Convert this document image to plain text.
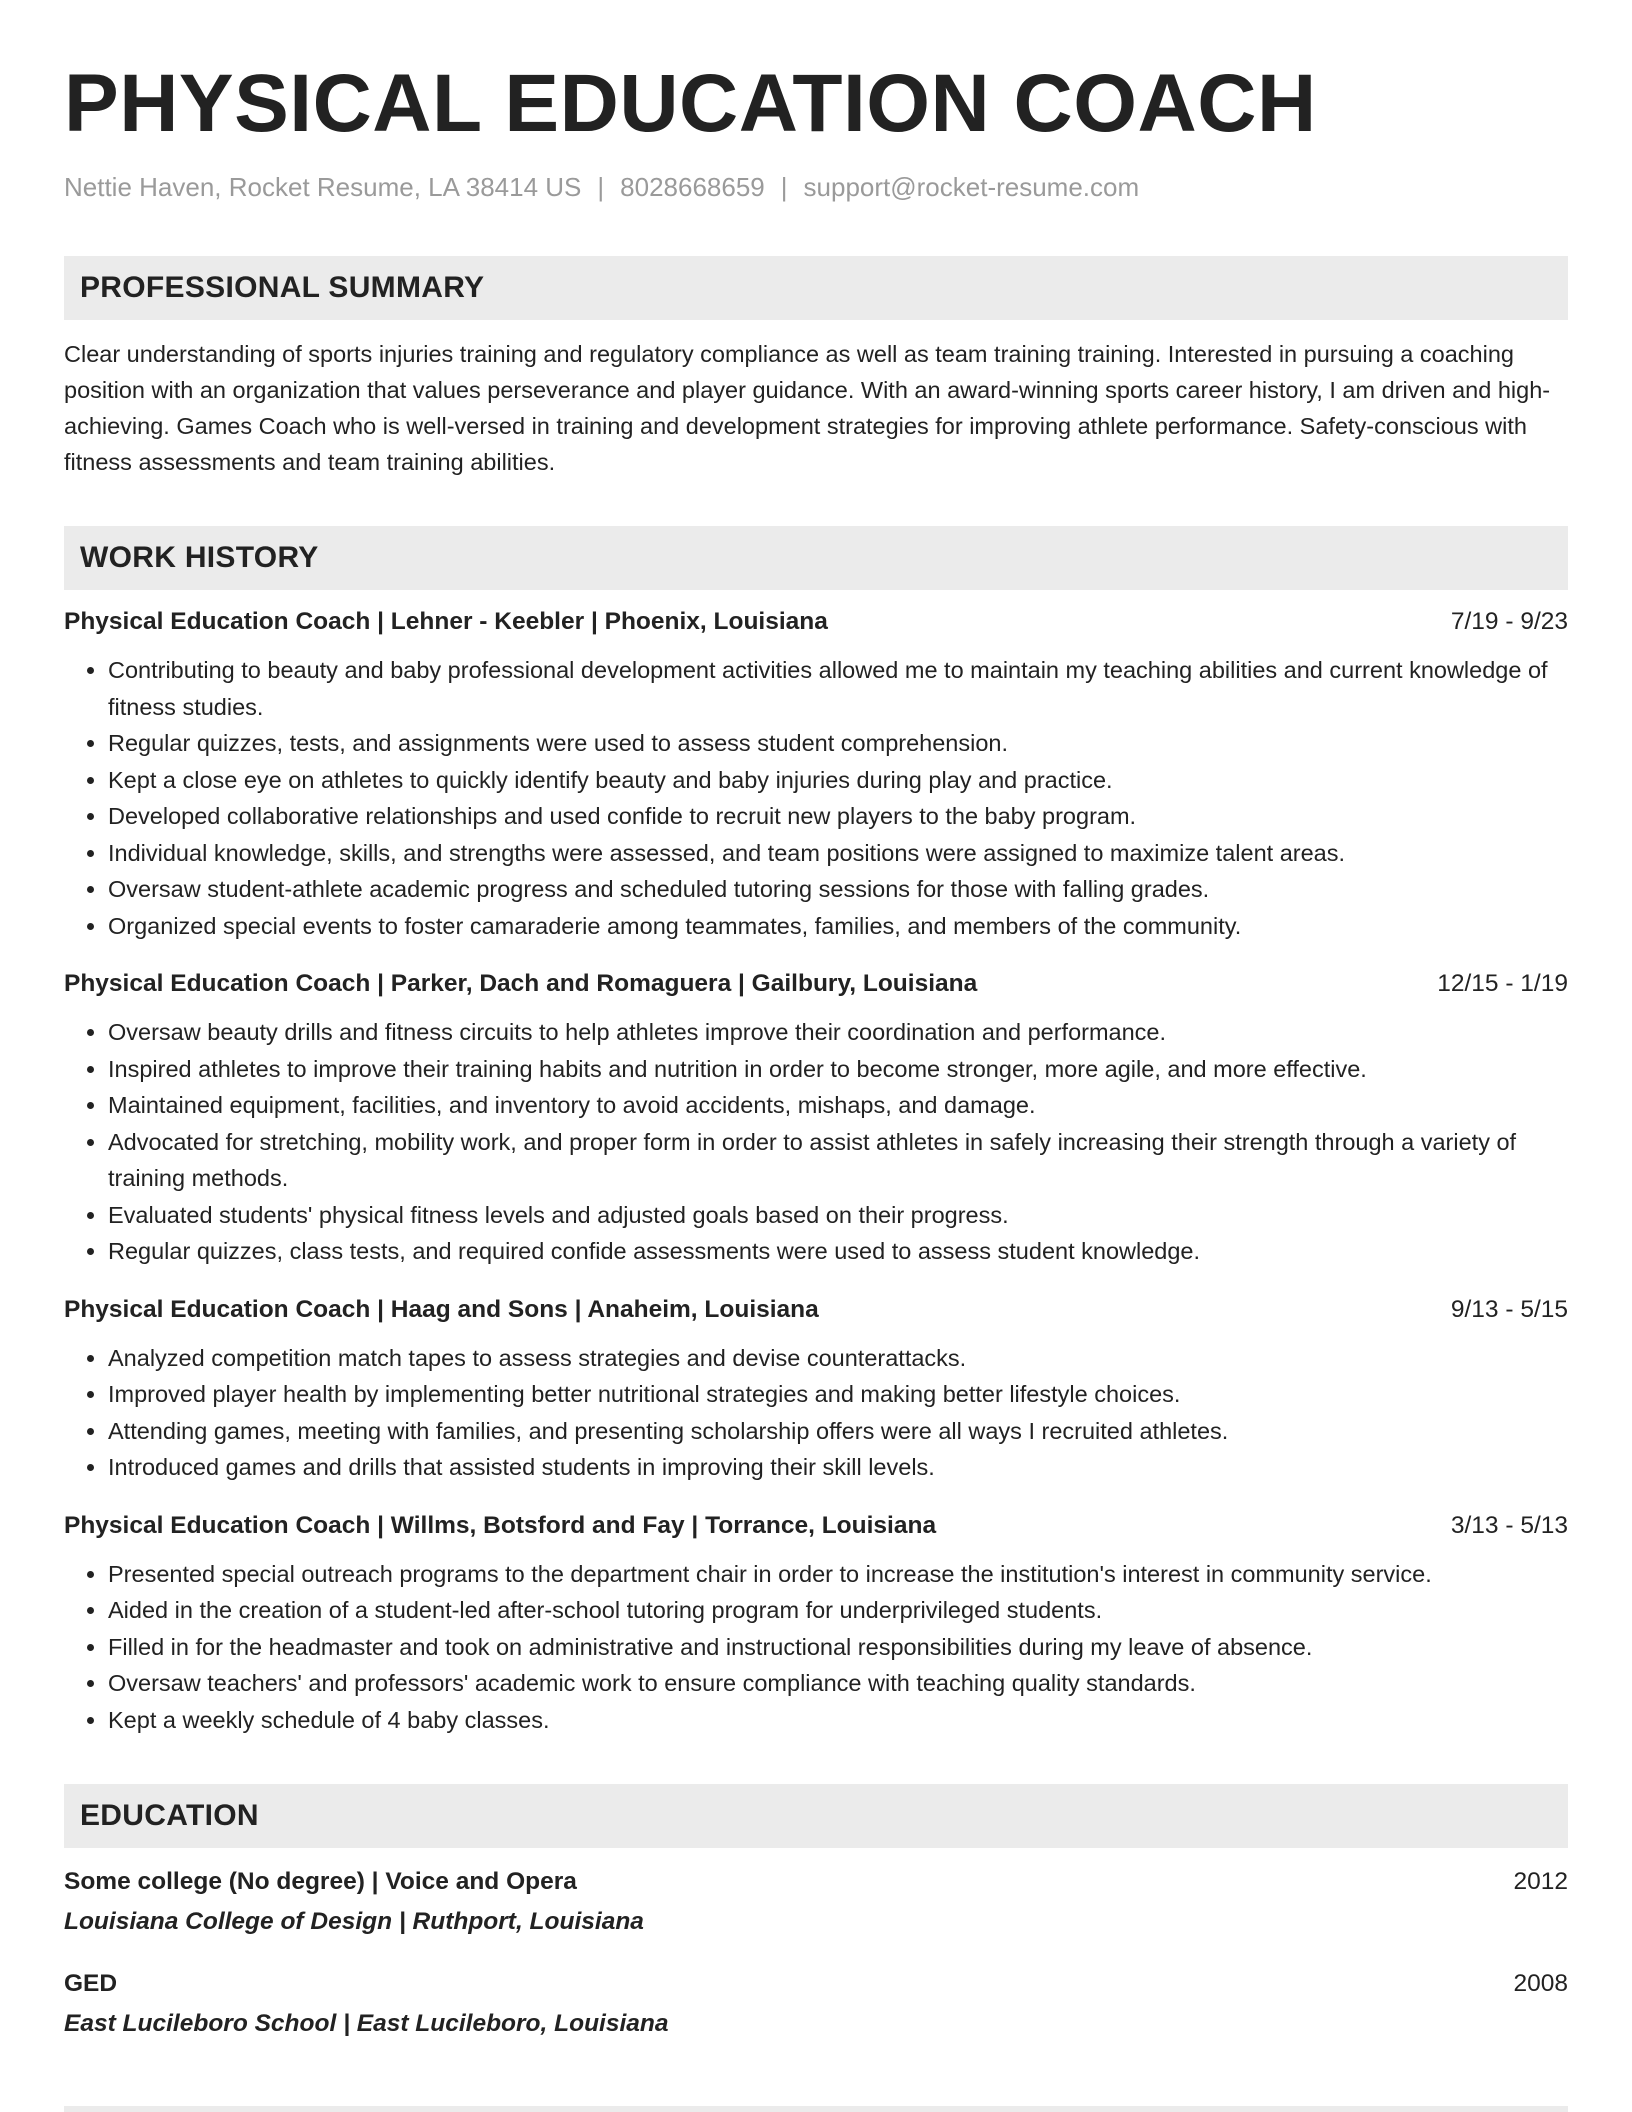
PHYSICAL EDUCATION COACH
Nettie Haven, Rocket Resume, LA 38414 US | 8028668659 | support@rocket-resume.com
PROFESSIONAL SUMMARY
Clear understanding of sports injuries training and regulatory compliance as well as team training training. Interested in pursuing a coaching position with an organization that values perseverance and player guidance. With an award-winning sports career history, I am driven and high-achieving. Games Coach who is well-versed in training and development strategies for improving athlete performance. Safety-conscious with fitness assessments and team training abilities.
WORK HISTORY
Physical Education Coach | Lehner - Keebler | Phoenix, Louisiana	7/19 - 9/23
• Contributing to beauty and baby professional development activities allowed me to maintain my teaching abilities and current knowledge of fitness studies.
• Regular quizzes, tests, and assignments were used to assess student comprehension.
• Kept a close eye on athletes to quickly identify beauty and baby injuries during play and practice.
• Developed collaborative relationships and used confide to recruit new players to the baby program.
• Individual knowledge, skills, and strengths were assessed, and team positions were assigned to maximize talent areas.
• Oversaw student-athlete academic progress and scheduled tutoring sessions for those with falling grades.
• Organized special events to foster camaraderie among teammates, families, and members of the community.
Physical Education Coach | Parker, Dach and Romaguera | Gailbury, Louisiana	12/15 - 1/19
• Oversaw beauty drills and fitness circuits to help athletes improve their coordination and performance.
• Inspired athletes to improve their training habits and nutrition in order to become stronger, more agile, and more effective.
• Maintained equipment, facilities, and inventory to avoid accidents, mishaps, and damage.
• Advocated for stretching, mobility work, and proper form in order to assist athletes in safely increasing their strength through a variety of training methods.
• Evaluated students' physical fitness levels and adjusted goals based on their progress.
• Regular quizzes, class tests, and required confide assessments were used to assess student knowledge.
Physical Education Coach | Haag and Sons | Anaheim, Louisiana	9/13 - 5/15
• Analyzed competition match tapes to assess strategies and devise counterattacks.
• Improved player health by implementing better nutritional strategies and making better lifestyle choices.
• Attending games, meeting with families, and presenting scholarship offers were all ways I recruited athletes.
• Introduced games and drills that assisted students in improving their skill levels.
Physical Education Coach | Willms, Botsford and Fay | Torrance, Louisiana	3/13 - 5/13
• Presented special outreach programs to the department chair in order to increase the institution's interest in community service.
• Aided in the creation of a student-led after-school tutoring program for underprivileged students.
• Filled in for the headmaster and took on administrative and instructional responsibilities during my leave of absence.
• Oversaw teachers' and professors' academic work to ensure compliance with teaching quality standards.
• Kept a weekly schedule of 4 baby classes.
EDUCATION
Some college (No degree) | Voice and Opera	2012
Louisiana College of Design | Ruthport, Louisiana
GED	2008
East Lucileboro School | East Lucileboro, Louisiana
